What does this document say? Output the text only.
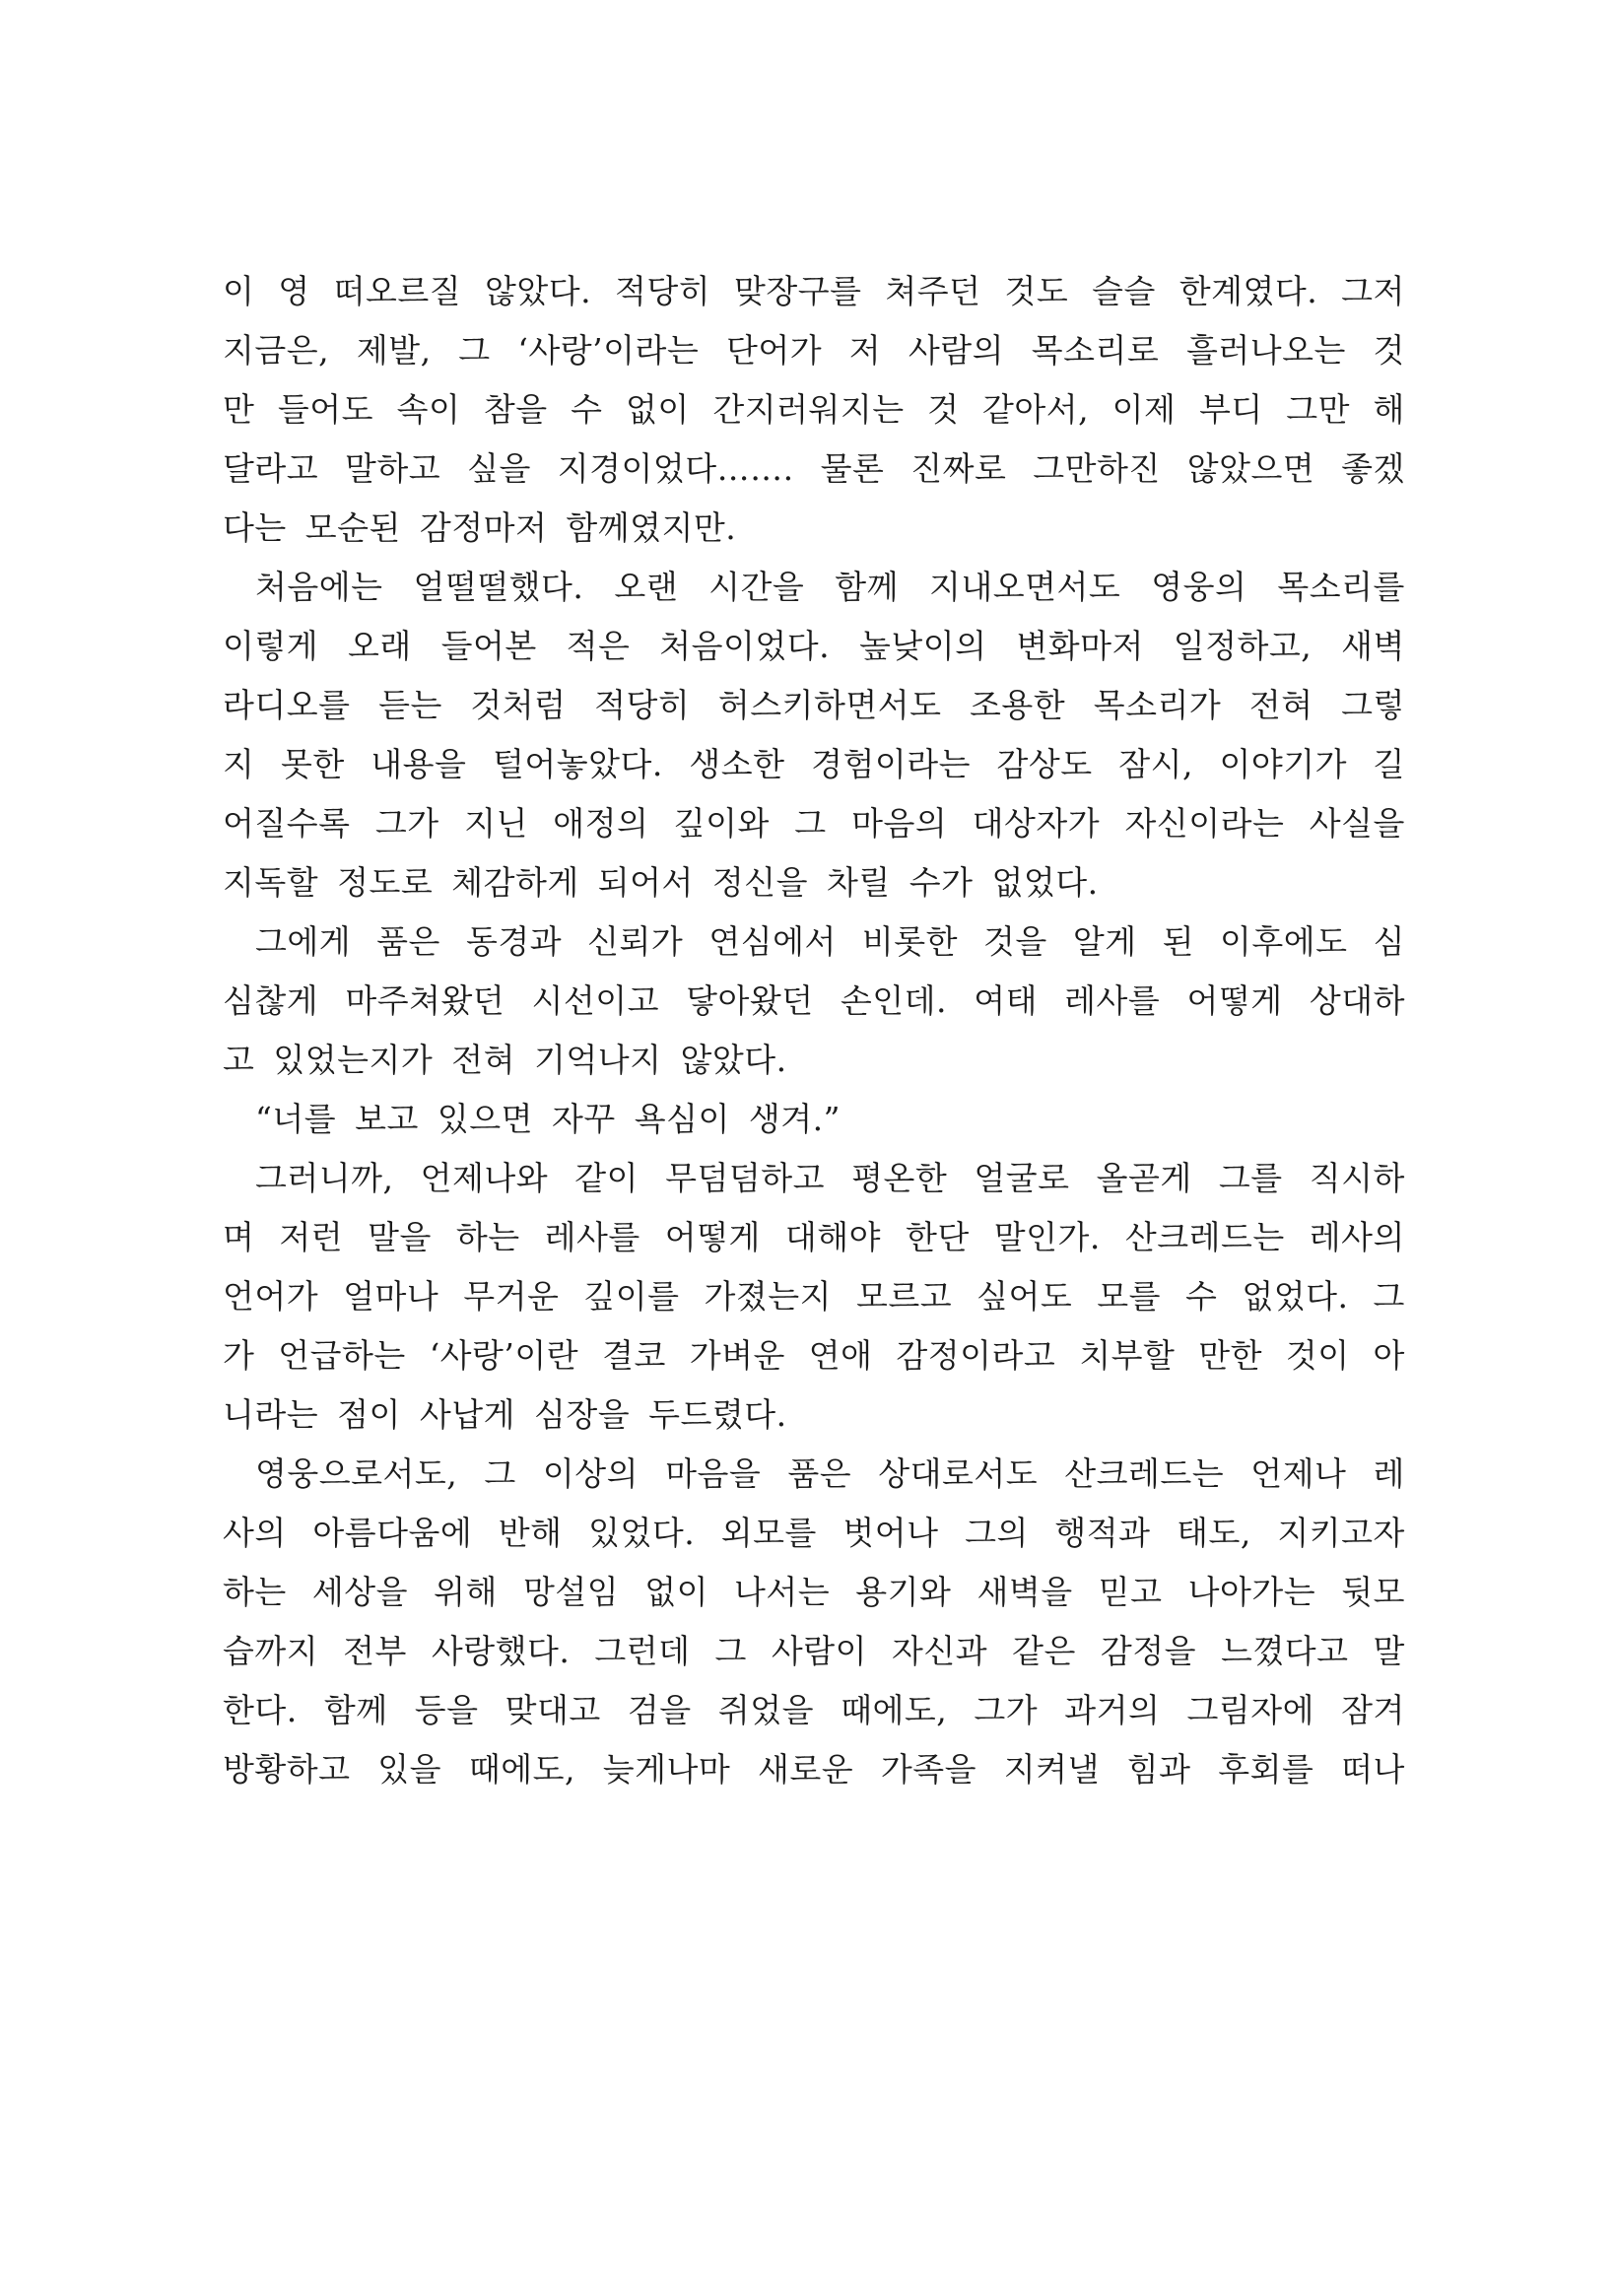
이 영 떠오르질 않았다. 적당히 맞장구를 쳐주던 것도 슬슬 한계였다. 그저
지금은, 제발, 그 ‘사랑’이라는 단어가 저 사람의 목소리로 흘러나오는 것
만 들어도 속이 참을 수 없이 간지러워지는 것 같아서, 이제 부디 그만 해
달라고 말하고 싶을 지경이었다……. 물론 진짜로 그만하진 않았으면 좋겠
다는 모순된 감정마저 함께였지만.
처음에는 얼떨떨했다. 오랜 시간을 함께 지내오면서도 영웅의 목소리를
이렇게 오래 들어본 적은 처음이었다. 높낮이의 변화마저 일정하고, 새벽
라디오를 듣는 것처럼 적당히 허스키하면서도 조용한 목소리가 전혀 그렇
지 못한 내용을 털어놓았다. 생소한 경험이라는 감상도 잠시, 이야기가 길
어질수록 그가 지닌 애정의 깊이와 그 마음의 대상자가 자신이라는 사실을
지독할 정도로 체감하게 되어서 정신을 차릴 수가 없었다.
그에게 품은 동경과 신뢰가 연심에서 비롯한 것을 알게 된 이후에도 심
심찮게 마주쳐왔던 시선이고 닿아왔던 손인데. 여태 레사를 어떻게 상대하
고 있었는지가 전혀 기억나지 않았다.
“너를 보고 있으면 자꾸 욕심이 생겨.”
그러니까, 언제나와 같이 무덤덤하고 평온한 얼굴로 올곧게 그를 직시하
며 저런 말을 하는 레사를 어떻게 대해야 한단 말인가. 산크레드는 레사의
언어가 얼마나 무거운 깊이를 가졌는지 모르고 싶어도 모를 수 없었다. 그
가 언급하는 ‘사랑’이란 결코 가벼운 연애 감정이라고 치부할 만한 것이 아
니라는 점이 사납게 심장을 두드렸다.
영웅으로서도, 그 이상의 마음을 품은 상대로서도 산크레드는 언제나 레
사의 아름다움에 반해 있었다. 외모를 벗어나 그의 행적과 태도, 지키고자
하는 세상을 위해 망설임 없이 나서는 용기와 새벽을 믿고 나아가는 뒷모
습까지 전부 사랑했다. 그런데 그 사람이 자신과 같은 감정을 느꼈다고 말
한다. 함께 등을 맞대고 검을 쥐었을 때에도, 그가 과거의 그림자에 잠겨
방황하고 있을 때에도, 늦게나마 새로운 가족을 지켜낼 힘과 후회를 떠나
